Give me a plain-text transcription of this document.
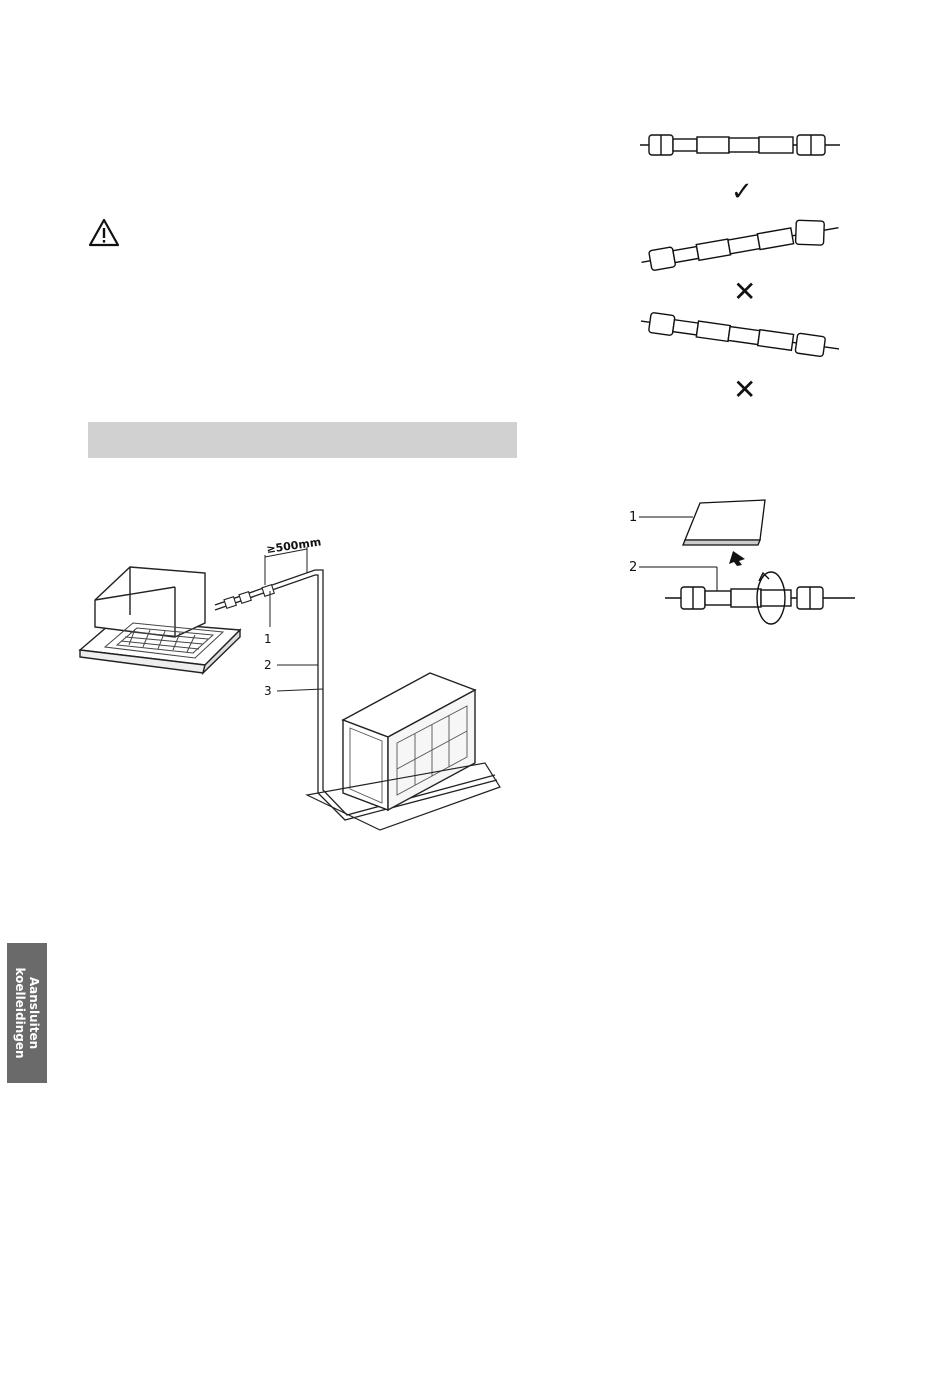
≥500mm
1
2
3
✓
✕
✕
1
2
Aansluiten
koelleidingen
